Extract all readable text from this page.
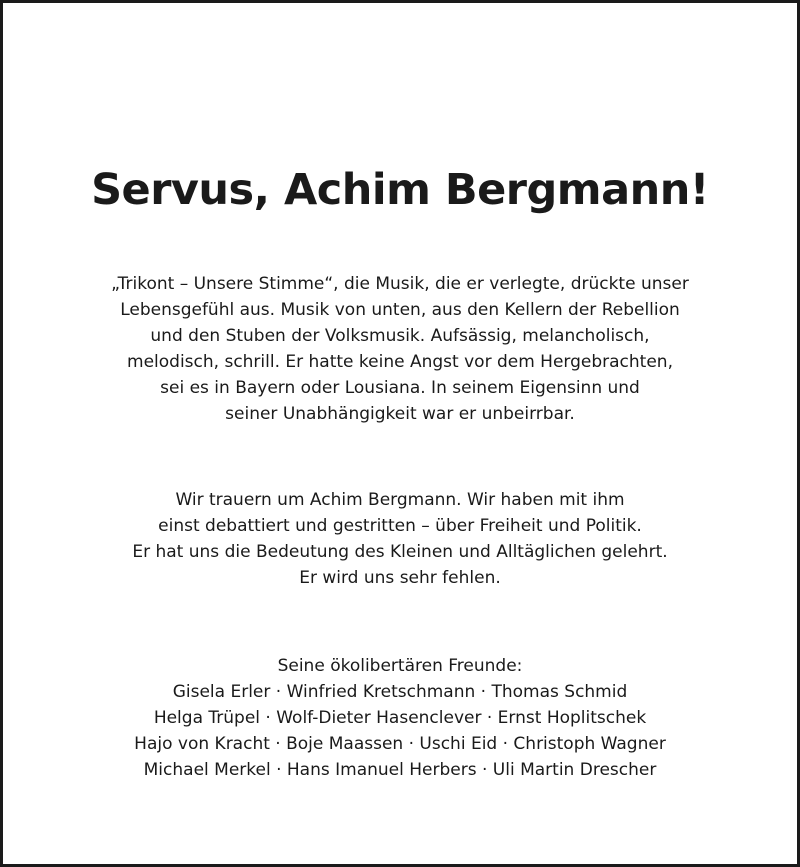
Servus, Achim Bergmann!

„Trikont – Unsere Stimme“, die Musik, die er verlegte, drückte unser
Lebensgefühl aus. Musik von unten, aus den Kellern der Rebellion
und den Stuben der Volksmusik. Aufsässig, melancholisch,
melodisch, schrill. Er hatte keine Angst vor dem Hergebrachten,
sei es in Bayern oder Lousiana. In seinem Eigensinn und
seiner Unabhängigkeit war er unbeirrbar.

Wir trauern um Achim Bergmann. Wir haben mit ihm
einst debattiert und gestritten – über Freiheit und Politik.
Er hat uns die Bedeutung des Kleinen und Alltäglichen gelehrt.
Er wird uns sehr fehlen.

Seine ökolibertären Freunde:
Gisela Erler · Winfried Kretschmann · Thomas Schmid
Helga Trüpel · Wolf-Dieter Hasenclever · Ernst Hoplitschek
Hajo von Kracht · Boje Maassen · Uschi Eid · Christoph Wagner
Michael Merkel · Hans Imanuel Herbers · Uli Martin Drescher
